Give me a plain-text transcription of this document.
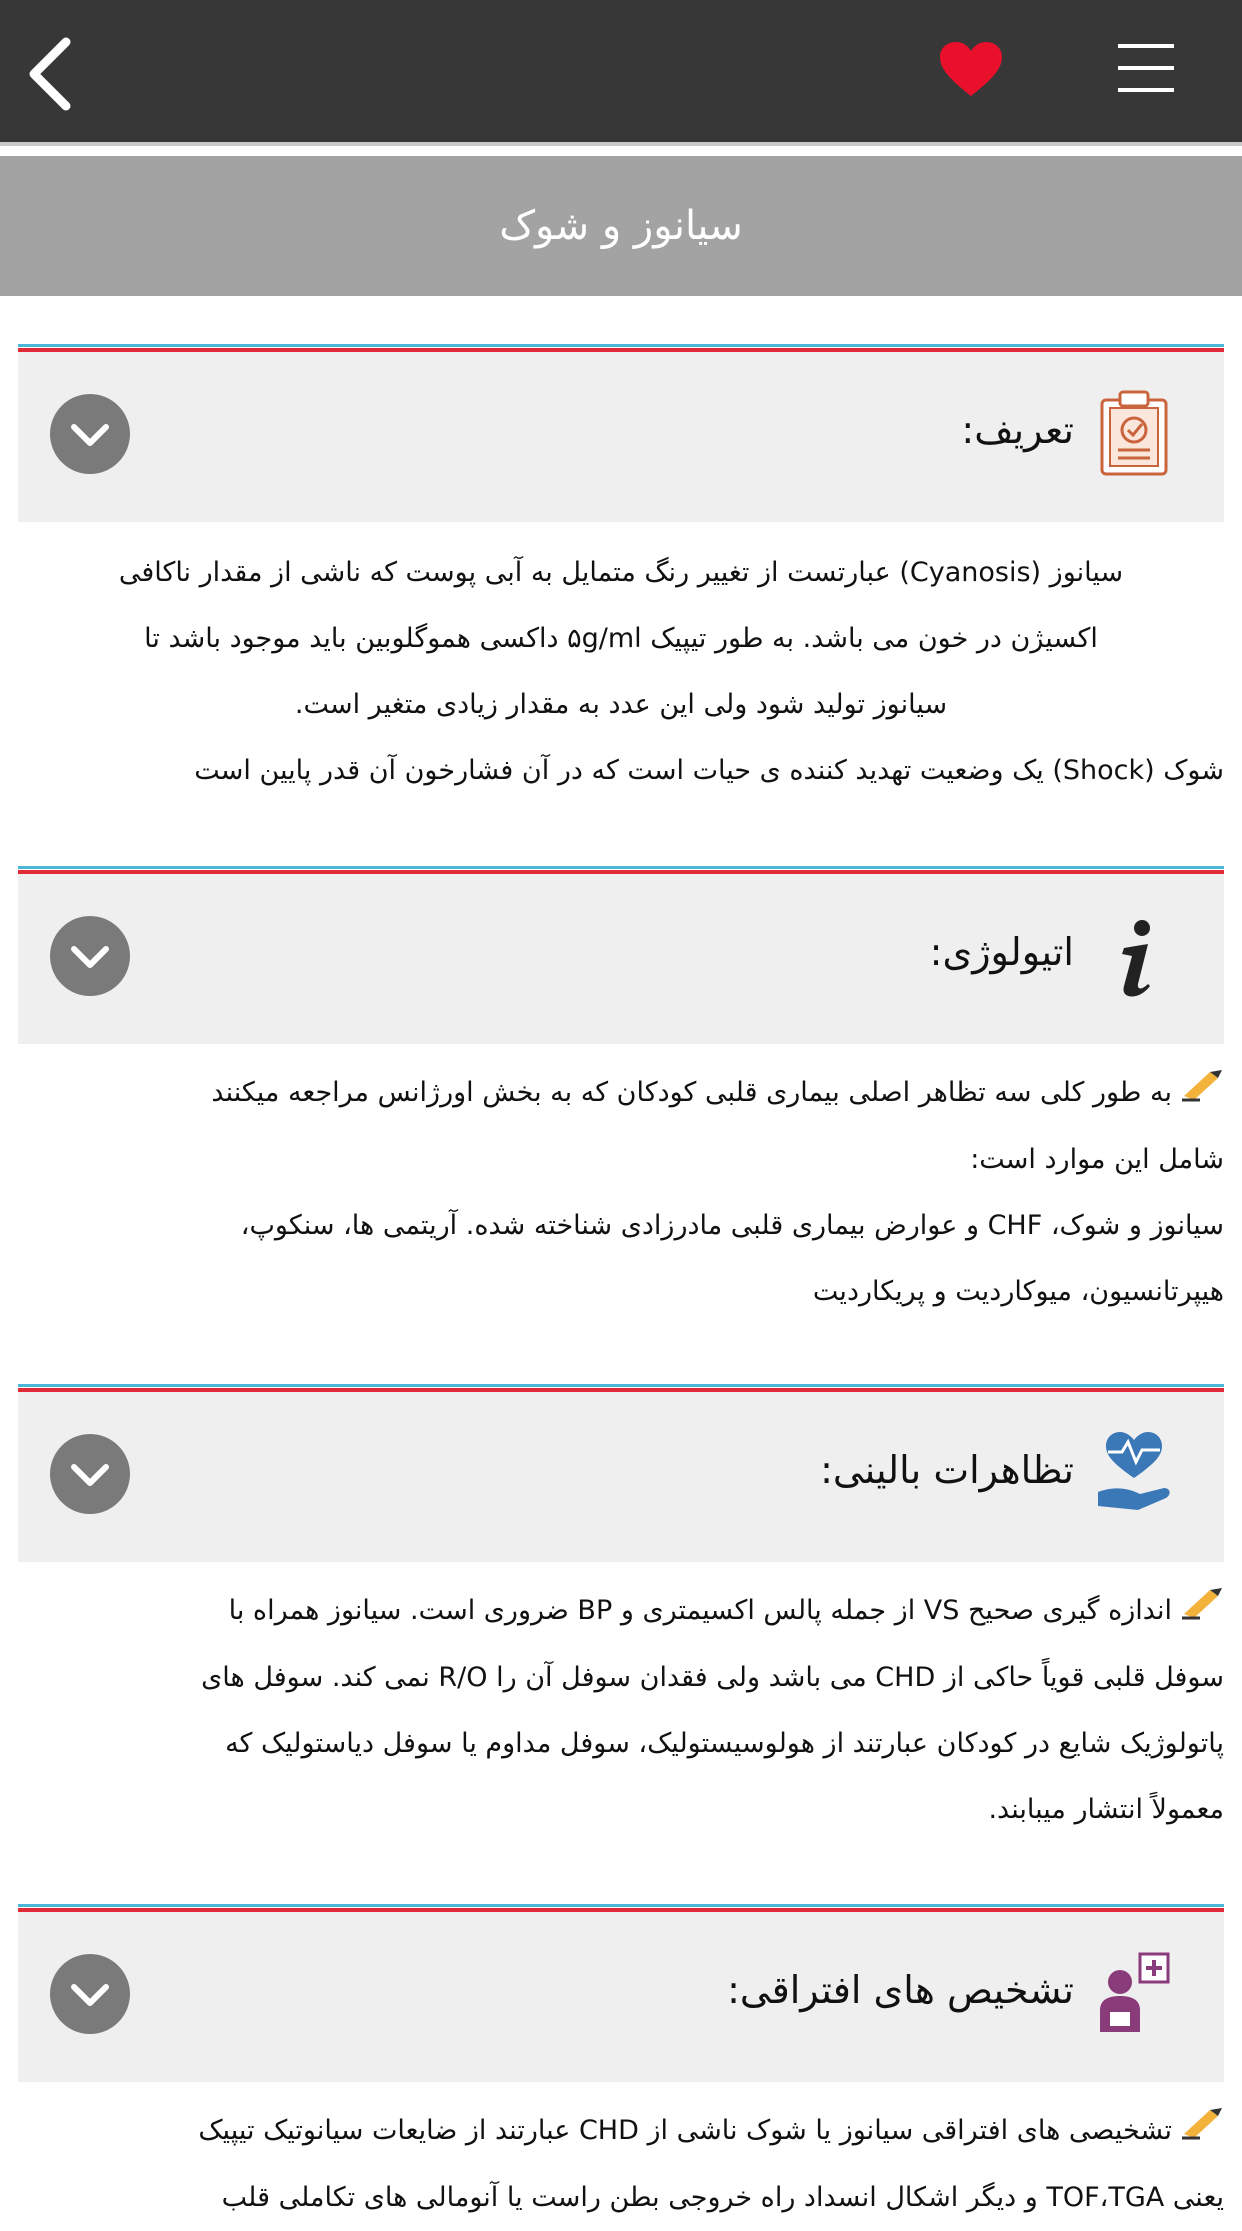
سیانوز و شوک
تعریف:
سیانوز (Cyanosis) عبارتست از تغییر رنگ متمایل به آبی پوست که ناشی از مقدار ناکافی
اکسیژن در خون می باشد. به طور تیپیک ۵g/ml داکسی هموگلوبین باید موجود باشد تا
سیانوز تولید شود ولی این عدد به مقدار زیادی متغیر است.
شوک (Shock) یک وضعیت تهدید کننده ی حیات است که در آن فشارخون آن قدر پایین است
اتیولوژی:
به طور کلی سه تظاهر اصلی بیماری قلبی کودکان که به بخش اورژانس مراجعه میکنند
شامل این موارد است:
سیانوز و شوک، CHF و عوارض بیماری قلبی مادرزادی شناخته شده. آریتمی ها، سنکوپ،
هیپرتانسیون، میوکاردیت و پریکاردیت
تظاهرات بالینی:
اندازه گیری صحیح VS از جمله پالس اکسیمتری و BP ضروری است. سیانوز همراه با
سوفل قلبی قویاً حاکی از CHD می باشد ولی فقدان سوفل آن را R/O نمی کند. سوفل های
پاتولوژیک شایع در کودکان عبارتند از هولوسیستولیک، سوفل مداوم یا سوفل دیاستولیک که
معمولاً انتشار میبابند.
تشخیص های افتراقی:
تشخیصی های افتراقی سیانوز یا شوک ناشی از CHD عبارتند از ضایعات سیانوتیک تیپیک
یعنی TOF،TGA و دیگر اشکال انسداد راه خروجی بطن راست یا آنومالی های تکاملی قلب
